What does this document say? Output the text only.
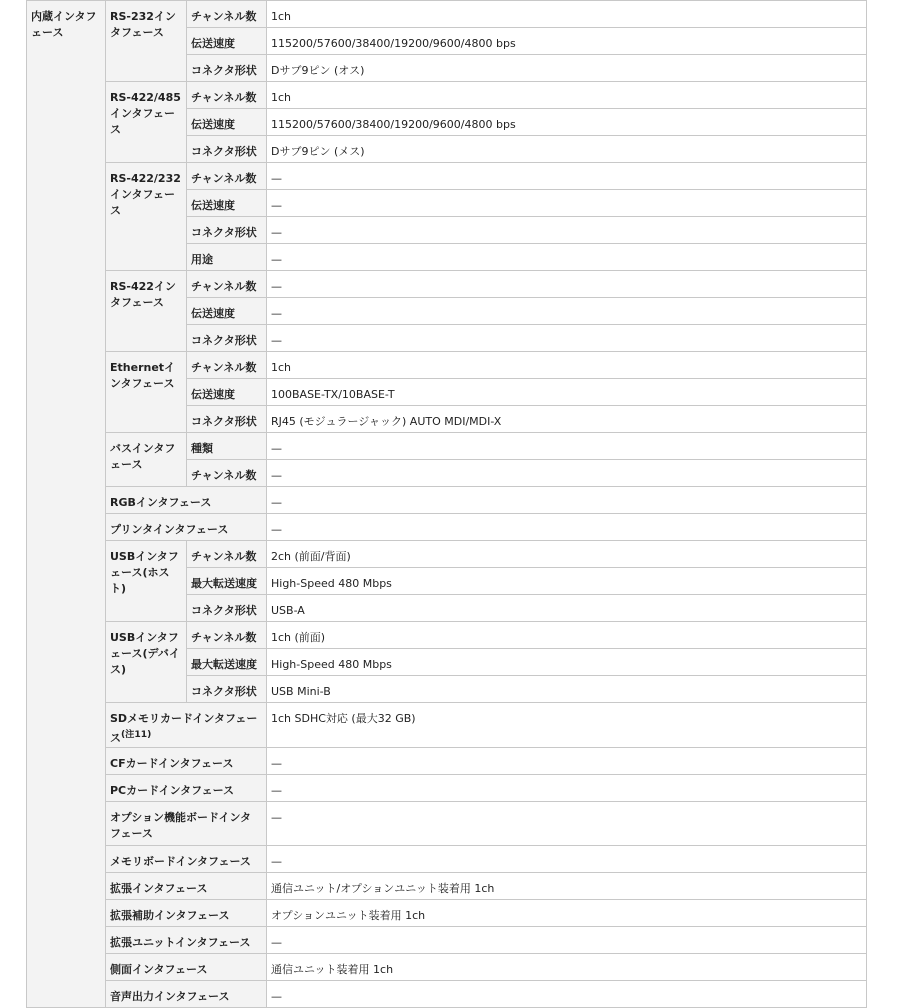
内蔵インタフェース	RS-232インタフェース	チャンネル数	1ch
		伝送速度	115200/57600/38400/19200/9600/4800 bps
		コネクタ形状	Dサブ9ピン (オス)
	RS-422/485インタフェース	チャンネル数	1ch
		伝送速度	115200/57600/38400/19200/9600/4800 bps
		コネクタ形状	Dサブ9ピン (メス)
	RS-422/232インタフェース	チャンネル数	—
		伝送速度	—
		コネクタ形状	—
		用途	—
	RS-422インタフェース	チャンネル数	—
		伝送速度	—
		コネクタ形状	—
	Ethernetインタフェース	チャンネル数	1ch
		伝送速度	100BASE-TX/10BASE-T
		コネクタ形状	RJ45 (モジュラージャック) AUTO MDI/MDI-X
	バスインタフェース	種類	—
		チャンネル数	—
	RGBインタフェース		—
	プリンタインタフェース		—
	USBインタフェース(ホスト)	チャンネル数	2ch (前面/背面)
		最大転送速度	High-Speed 480 Mbps
		コネクタ形状	USB-A
	USBインタフェース(デバイス)	チャンネル数	1ch (前面)
		最大転送速度	High-Speed 480 Mbps
		コネクタ形状	USB Mini-B
	SDメモリカードインタフェース$^{(注11)}$		1ch SDHC対応 (最大32 GB)
	CFカードインタフェース		—
	PCカードインタフェース		—
	オプション機能ボードインタフェース		—
	メモリボードインタフェース		—
	拡張インタフェース		通信ユニット/オプションユニット装着用 1ch
	拡張補助インタフェース		オプションユニット装着用 1ch
	拡張ユニットインタフェース		—
	側面インタフェース		通信ユニット装着用 1ch
	音声出力インタフェース		—
